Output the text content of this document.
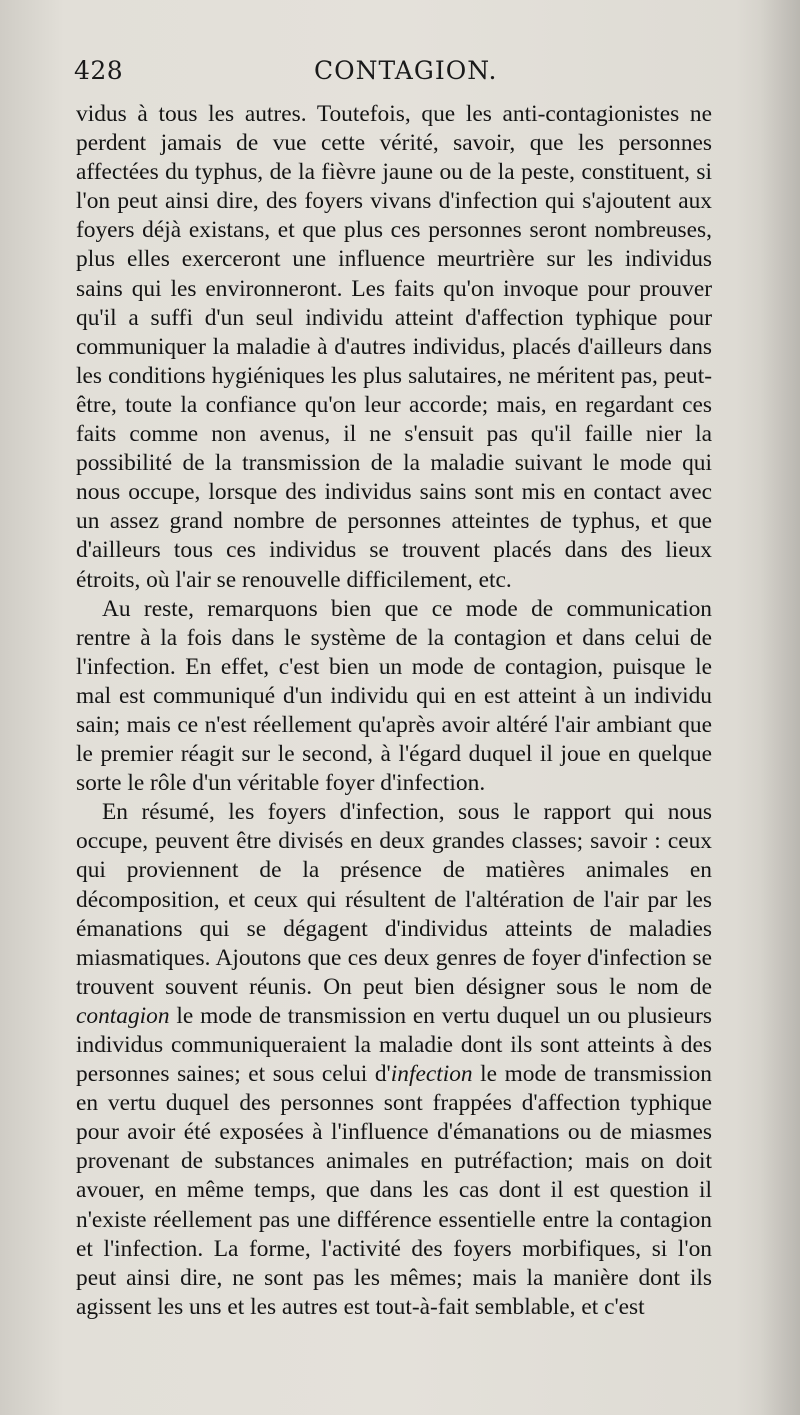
428	CONTAGION.

vidus à tous les autres. Toutefois, que les anti-contagionistes ne perdent jamais de vue cette vérité, savoir, que les personnes affectées du typhus, de la fièvre jaune ou de la peste, constituent, si l'on peut ainsi dire, des foyers vivans d'infection qui s'ajoutent aux foyers déjà existans, et que plus ces personnes seront nombreuses, plus elles exerceront une influence meurtrière sur les individus sains qui les environneront. Les faits qu'on invoque pour prouver qu'il a suffi d'un seul individu atteint d'affection typhique pour communiquer la maladie à d'autres individus, placés d'ailleurs dans les conditions hygiéniques les plus salutaires, ne méritent pas, peut-être, toute la confiance qu'on leur accorde; mais, en regardant ces faits comme non avenus, il ne s'ensuit pas qu'il faille nier la possibilité de la transmission de la maladie suivant le mode qui nous occupe, lorsque des individus sains sont mis en contact avec un assez grand nombre de personnes atteintes de typhus, et que d'ailleurs tous ces individus se trouvent placés dans des lieux étroits, où l'air se renouvelle difficilement, etc.

Au reste, remarquons bien que ce mode de communication rentre à la fois dans le système de la contagion et dans celui de l'infection. En effet, c'est bien un mode de contagion, puisque le mal est communiqué d'un individu qui en est atteint à un individu sain; mais ce n'est réellement qu'après avoir altéré l'air ambiant que le premier réagit sur le second, à l'égard duquel il joue en quelque sorte le rôle d'un véritable foyer d'infection.

En résumé, les foyers d'infection, sous le rapport qui nous occupe, peuvent être divisés en deux grandes classes; savoir : ceux qui proviennent de la présence de matières animales en décomposition, et ceux qui résultent de l'altération de l'air par les émanations qui se dégagent d'individus atteints de maladies miasmatiques. Ajoutons que ces deux genres de foyer d'infection se trouvent souvent réunis. On peut bien désigner sous le nom de contagion le mode de transmission en vertu duquel un ou plusieurs individus communiqueraient la maladie dont ils sont atteints à des personnes saines; et sous celui d'infection le mode de transmission en vertu duquel des personnes sont frappées d'affection typhique pour avoir été exposées à l'influence d'émanations ou de miasmes provenant de substances animales en putréfaction; mais on doit avouer, en même temps, que dans les cas dont il est question il n'existe réellement pas une différence essentielle entre la contagion et l'infection. La forme, l'activité des foyers morbifiques, si l'on peut ainsi dire, ne sont pas les mêmes; mais la manière dont ils agissent les uns et les autres est tout-à-fait semblable, et c'est
